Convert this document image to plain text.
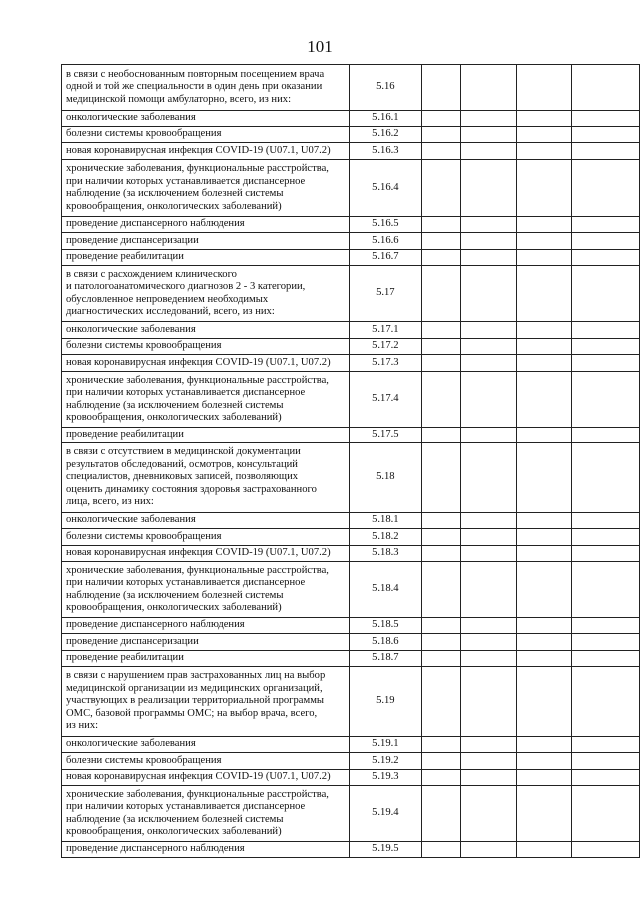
101
в связи с необоснованным повторным посещением врача
одной и той же специальности в один день при оказании
медицинской помощи амбулаторно, всего, из них:	5.16				

онкологические заболевания	5.16.1				

болезни системы кровообращения	5.16.2				

новая коронавирусная инфекция COVID-19 (U07.1, U07.2)	5.16.3				

хронические заболевания, функциональные расстройства,
при наличии которых устанавливается диспансерное
наблюдение (за исключением болезней системы
кровообращения, онкологических заболеваний)	5.16.4				

проведение диспансерного наблюдения	5.16.5				

проведение диспансеризации	5.16.6				

проведение реабилитации	5.16.7				

в связи с расхождением клинического
и патологоанатомического диагнозов 2 - 3 категории,
обусловленное непроведением необходимых
диагностических исследований, всего, из них:	5.17				

онкологические заболевания	5.17.1				

болезни системы кровообращения	5.17.2				

новая коронавирусная инфекция COVID-19 (U07.1, U07.2)	5.17.3				

хронические заболевания, функциональные расстройства,
при наличии которых устанавливается диспансерное
наблюдение (за исключением болезней системы
кровообращения, онкологических заболеваний)	5.17.4				

проведение реабилитации	5.17.5				

в связи с отсутствием в медицинской документации
результатов обследований, осмотров, консультаций
специалистов, дневниковых записей, позволяющих
оценить динамику состояния здоровья застрахованного
лица, всего, из них:	5.18				

онкологические заболевания	5.18.1				

болезни системы кровообращения	5.18.2				

новая коронавирусная инфекция COVID-19 (U07.1, U07.2)	5.18.3				

хронические заболевания, функциональные расстройства,
при наличии которых устанавливается диспансерное
наблюдение (за исключением болезней системы
кровообращения, онкологических заболеваний)	5.18.4				

проведение диспансерного наблюдения	5.18.5				

проведение диспансеризации	5.18.6				

проведение реабилитации	5.18.7				

в связи с нарушением прав застрахованных лиц на выбор
медицинской организации из медицинских организаций,
участвующих в реализации территориальной программы
ОМС, базовой программы ОМС; на выбор врача, всего,
из них:	5.19				

онкологические заболевания	5.19.1				

болезни системы кровообращения	5.19.2				

новая коронавирусная инфекция COVID-19 (U07.1, U07.2)	5.19.3				

хронические заболевания, функциональные расстройства,
при наличии которых устанавливается диспансерное
наблюдение (за исключением болезней системы
кровообращения, онкологических заболеваний)	5.19.4				

проведение диспансерного наблюдения	5.19.5				
